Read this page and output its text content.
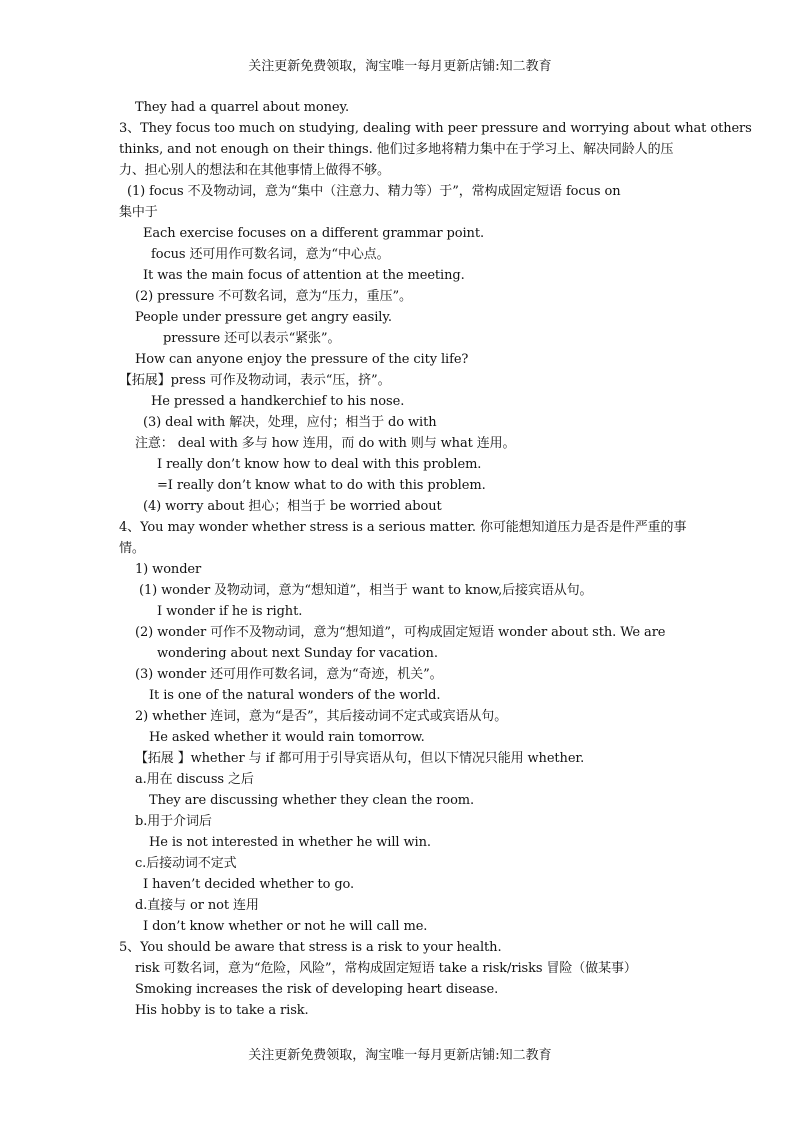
关注更新免费领取，淘宝唯一每月更新店铺:知二教育
They had a quarrel about money.
3、They focus too much on studying, dealing with peer pressure and worrying about what others
thinks, and not enough on their things. 他们过多地将精力集中在于学习上、解决同龄人的压
力、担心别人的想法和在其他事情上做得不够。
(1) focus 不及物动词，意为“集中（注意力、精力等）于”，常构成固定短语 focus on
集中于
Each exercise focuses on a different grammar point.
focus 还可用作可数名词，意为“中心点。
It was the main focus of attention at the meeting.
(2) pressure 不可数名词，意为“压力，重压”。
People under pressure get angry easily.
pressure 还可以表示“紧张”。
How can anyone enjoy the pressure of the city life?
【拓展】press 可作及物动词，表示“压，挤”。
He pressed a handkerchief to his nose.
(3) deal with 解决，处理，应付；相当于 do with
注意： deal with 多与 how 连用，而 do with 则与 what 连用。
I really don’t know how to deal with this problem.
=I really don’t know what to do with this problem.
(4) worry about 担心；相当于 be worried about
4、You may wonder whether stress is a serious matter. 你可能想知道压力是否是件严重的事
情。
1) wonder
(1) wonder 及物动词，意为“想知道”，相当于 want to know,后接宾语从句。
I wonder if he is right.
(2) wonder 可作不及物动词，意为“想知道”，可构成固定短语 wonder about sth. We are
wondering about next Sunday for vacation.
(3) wonder 还可用作可数名词，意为“奇迹，机关”。
It is one of the natural wonders of the world.
2) whether 连词，意为“是否”，其后接动词不定式或宾语从句。
He asked whether it would rain tomorrow.
【拓展 】whether 与 if 都可用于引导宾语从句，但以下情况只能用 whether.
a.用在 discuss 之后
They are discussing whether they clean the room.
b.用于介词后
He is not interested in whether he will win.
c.后接动词不定式
I haven’t decided whether to go.
d.直接与 or not 连用
I don’t know whether or not he will call me.
5、You should be aware that stress is a risk to your health.
risk 可数名词，意为“危险，风险”，常构成固定短语 take a risk/risks 冒险（做某事）
Smoking increases the risk of developing heart disease.
His hobby is to take a risk.
关注更新免费领取，淘宝唯一每月更新店铺:知二教育
